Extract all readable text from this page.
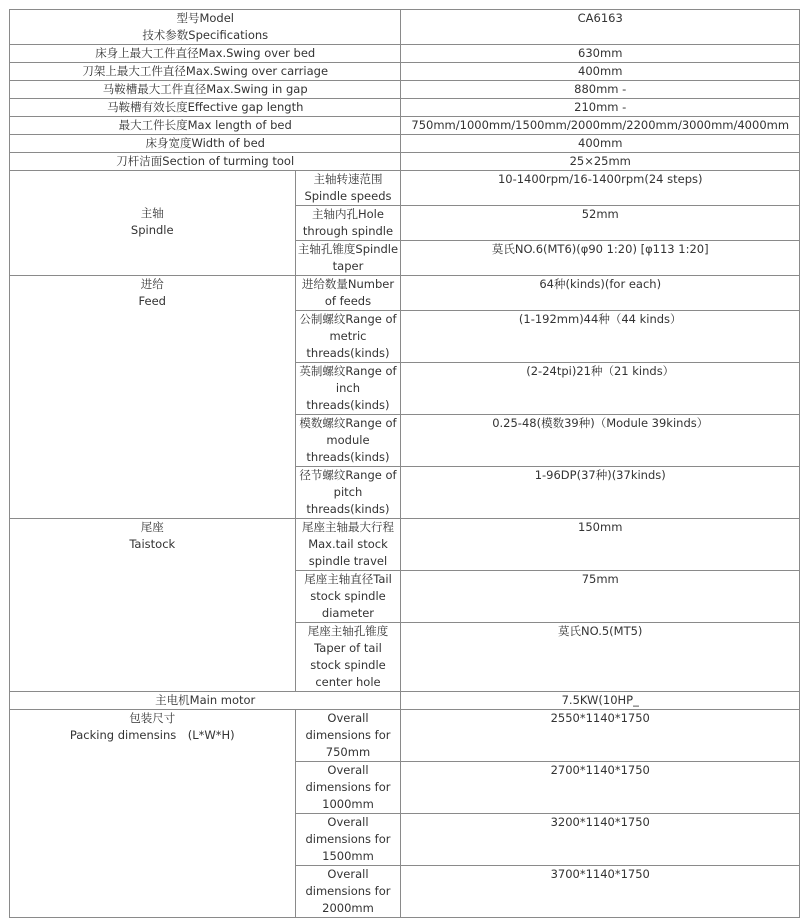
型号Model
技术参数Specifications		CA6163
床身上最大工件直径Max.Swing over bed		630mm
刀架上最大工件直径Max.Swing over carriage		400mm
马鞍槽最大工件直径Max.Swing in gap		880mm -
马鞍槽有效长度Effective gap length		210mm -
最大工件长度Max length of bed		750mm/1000mm/1500mm/2000mm/2200mm/3000mm/4000mm
床身宽度Width of bed		400mm
刀杆洁面Section of turming tool		25×25mm

主轴
Spindle	主轴转速范围Spindle speeds	10-1400rpm/16-1400rpm(24 steps)
	主轴内孔Hole through spindle	52mm
	主轴孔锥度Spindle taper	莫氏NO.6(MT6)(φ90 1:20) [φ113 1:20]

进给
Feed	进给数量Number of feeds	64种(kinds)(for each)
	公制螺纹Range of metric threads(kinds)	(1-192mm)44种（44 kinds）
	英制螺纹Range of inch threads(kinds)	(2-24tpi)21种（21 kinds）
	模数螺纹Range of module threads(kinds)	0.25-48(模数39种)（Module 39kinds）
	径节螺纹Range of pitch threads(kinds)	1-96DP(37种)(37kinds)

尾座
Taistock	尾座主轴最大行程Max.tail stock spindle travel	150mm
	尾座主轴直径Tail stock spindle diameter	75mm
	尾座主轴孔锥度Taper of tail stock spindle center hole	莫氏NO.5(MT5)
主电机Main motor		7.5KW(10HP_

包装尺寸
Packing dimensins　(L*W*H)	Overall dimensions for 750mm	2550*1140*1750
	Overall dimensions for 1000mm	2700*1140*1750
	Overall dimensions for 1500mm	3200*1140*1750
	Overall dimensions for 2000mm	3700*1140*1750
